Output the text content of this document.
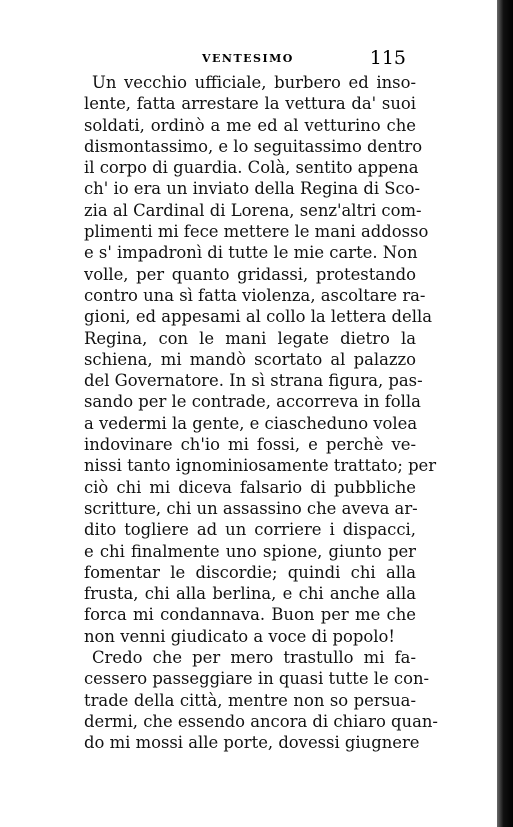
VENTESIMO	115
Un vecchio ufficiale, burbero ed inso-
lente, fatta arrestare la vettura da' suoi
soldati, ordinò a me ed al vetturino che
dismontassimo, e lo seguitassimo dentro
il corpo di guardia. Colà, sentito appena
ch' io era un inviato della Regina di Sco-
zia al Cardinal di Lorena, senz'altri com-
plimenti mi fece mettere le mani addosso
e s' impadronì di tutte le mie carte. Non
volle, per quanto gridassi, protestando
contro una sì fatta violenza, ascoltare ra-
gioni, ed appesami al collo la lettera della
Regina, con le mani legate dietro la
schiena, mi mandò scortato al palazzo
del Governatore. In sì strana figura, pas-
sando per le contrade, accorreva in folla
a vedermi la gente, e ciascheduno volea
indovinare ch'io mi fossi, e perchè ve-
nissi tanto ignominiosamente trattato; per
ciò chi mi diceva falsario di pubbliche
scritture, chi un assassino che aveva ar-
dito togliere ad un corriere i dispacci,
e chi finalmente uno spione, giunto per
fomentar le discordie; quindi chi alla
frusta, chi alla berlina, e chi anche alla
forca mi condannava. Buon per me che
non venni giudicato a voce di popolo!
Credo che per mero trastullo mi fa-
cessero passeggiare in quasi tutte le con-
trade della città, mentre non so persua-
dermi, che essendo ancora di chiaro quan-
do mi mossi alle porte, dovessi giugnere
